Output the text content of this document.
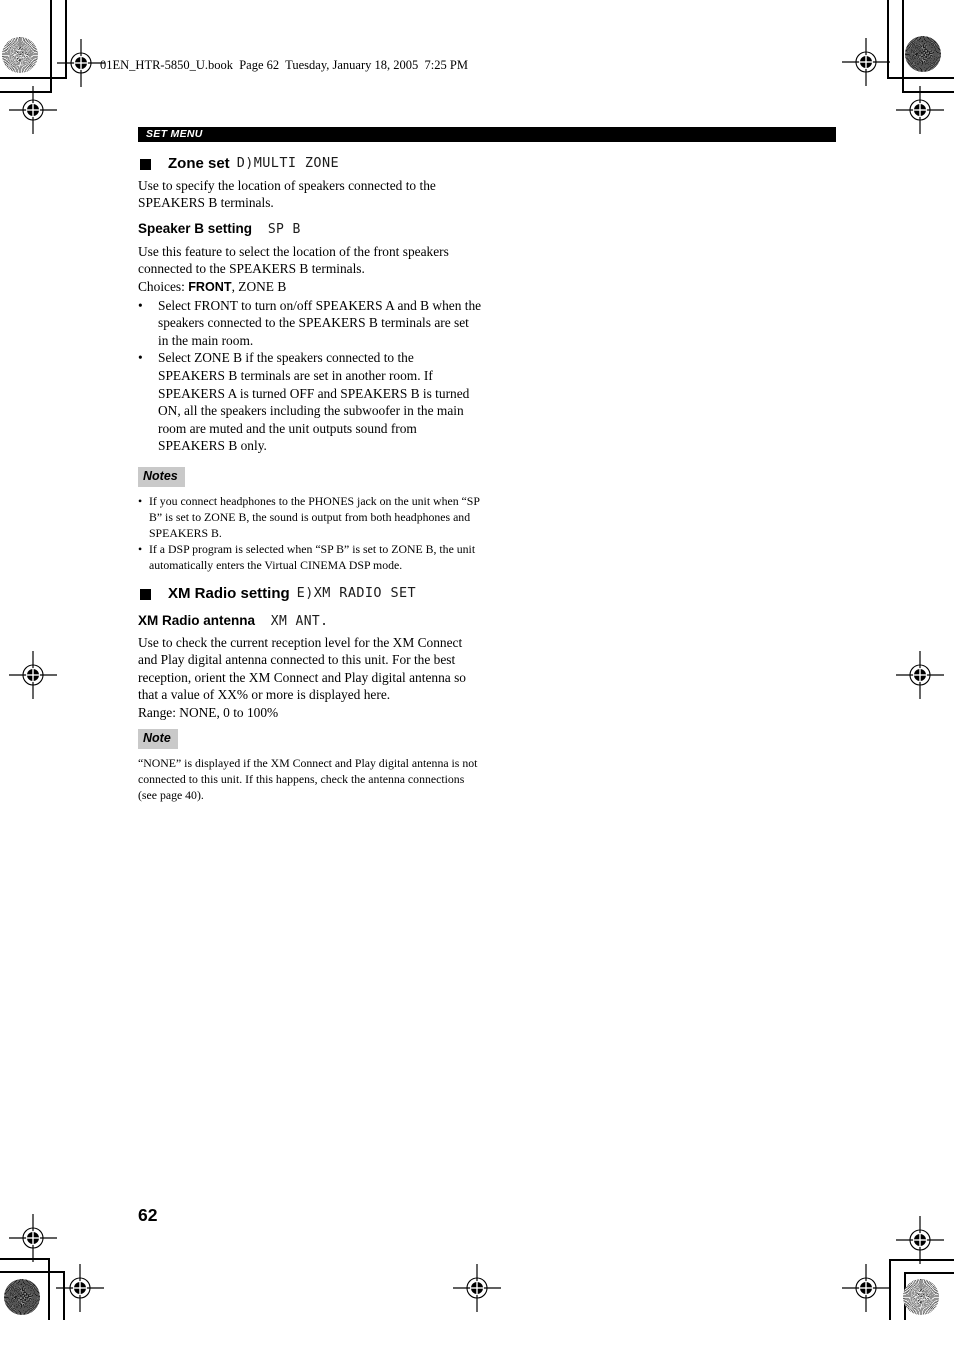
01EN_HTR-5850_U.book  Page 62  Tuesday, January 18, 2005  7:25 PM
SET MENU
Zone set D)MULTI ZONE

Use to specify the location of speakers connected to the SPEAKERS B terminals.

Speaker B setting SP B

Use this feature to select the location of the front speakers connected to the SPEAKERS B terminals.

Choices: FRONT, ZONE B

•	Select FRONT to turn on/off SPEAKERS A and B when the speakers connected to the SPEAKERS B terminals are set in the main room.
•	Select ZONE B if the speakers connected to the SPEAKERS B terminals are set in another room. If SPEAKERS A is turned OFF and SPEAKERS B is turned ON, all the speakers including the subwoofer in the main room are muted and the unit outputs sound from SPEAKERS B only.
Notes
• If you connect headphones to the PHONES jack on the unit when “SP B” is set to ZONE B, the sound is output from both headphones and SPEAKERS B.
• If a DSP program is selected when “SP B” is set to ZONE B, the unit automatically enters the Virtual CINEMA DSP mode.
XM Radio setting E)XM RADIO SET
XM Radio antenna XM ANT.

Use to check the current reception level for the XM Connect and Play digital antenna connected to this unit. For the best reception, orient the XM Connect and Play digital antenna so that a value of XX% or more is displayed here.

Range: NONE, 0 to 100%

Note

“NONE” is displayed if the XM Connect and Play digital antenna is not connected to this unit. If this happens, check the antenna connections (see page 40).

62
